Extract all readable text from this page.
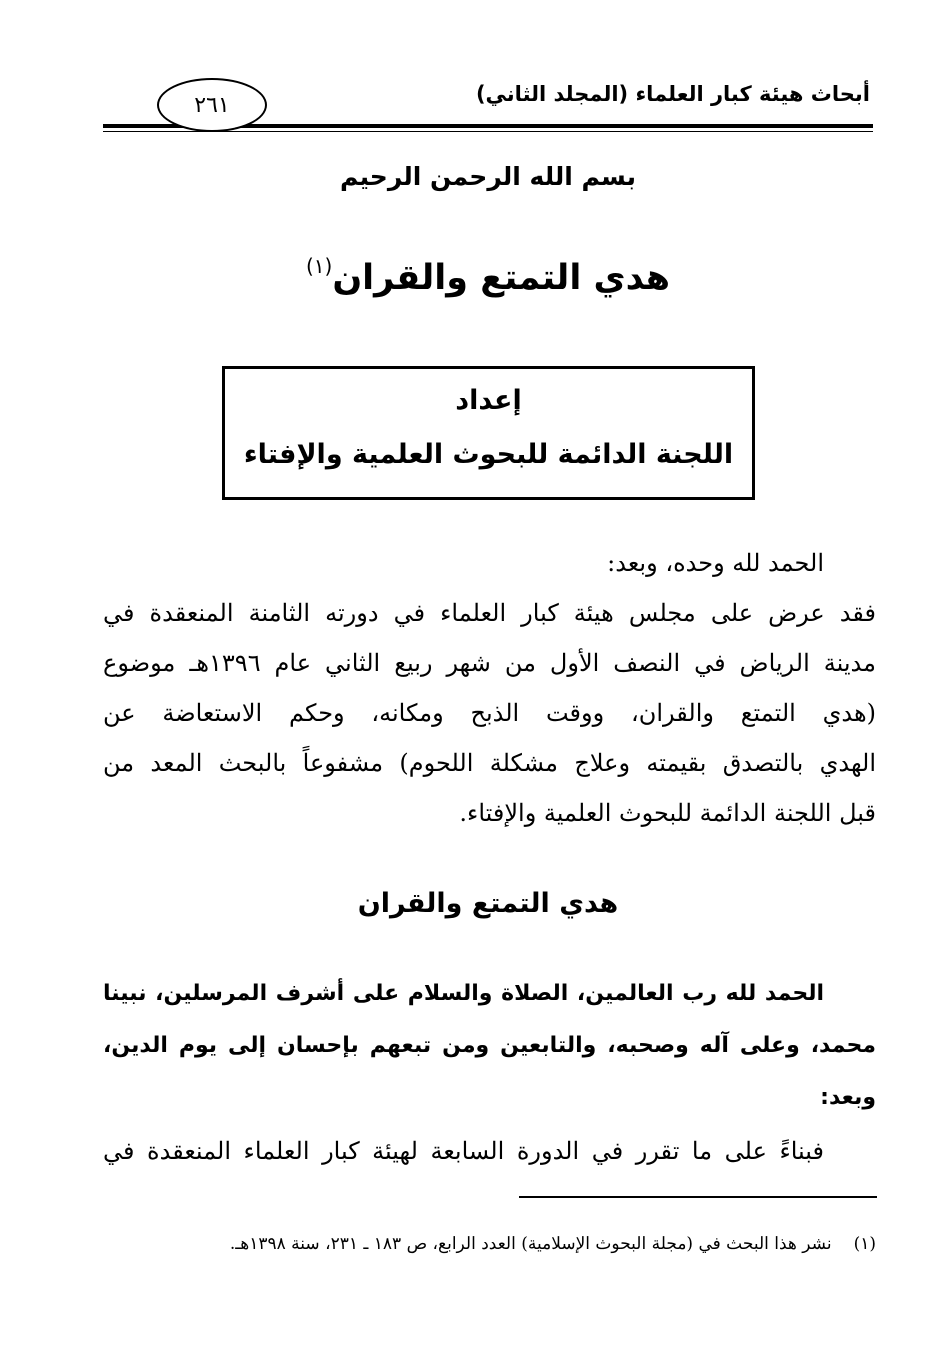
أبحاث هيئة كبار العلماء (المجلد الثاني)
٢٦١
بسم الله الرحمن الرحيم
هدي التمتع والقران$^{(١)}$
إعداد
اللجنة الدائمة للبحوث العلمية والإفتاء
الحمد لله وحده، وبعد:
فقد عرض على مجلس هيئة كبار العلماء في دورته الثامنة المنعقدة في
مدينة الرياض في النصف الأول من شهر ربيع الثاني عام ١٣٩٦هـ موضوع
(هدي التمتع والقران، ووقت الذبح ومكانه، وحكم الاستعاضة عن
الهدي بالتصدق بقيمته وعلاج مشكلة اللحوم) مشفوعاً بالبحث المعد من
قبل اللجنة الدائمة للبحوث العلمية والإفتاء.
هدي التمتع والقران
الحمد لله رب العالمين، الصلاة والسلام على أشرف المرسلين، نبينا
محمد، وعلى آله وصحبه، والتابعين ومن تبعهم بإحسان إلى يوم الدين،
وبعد:
فبناءً على ما تقرر في الدورة السابعة لهيئة كبار العلماء المنعقدة في
(١)نشر هذا البحث في (مجلة البحوث الإسلامية) العدد الرابع، ص ١٨٣ ـ ٢٣١، سنة ١٣٩٨هـ.
